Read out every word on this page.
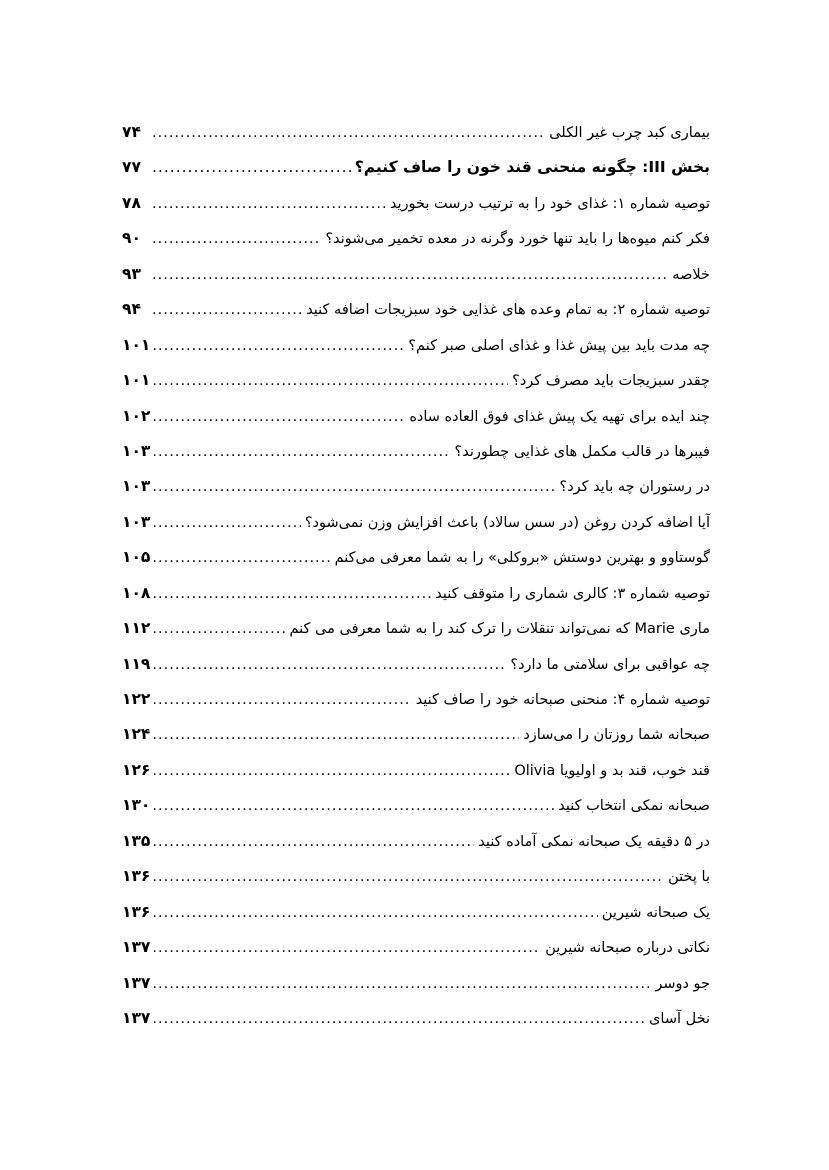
بیماری کبد چرب غیر الکلی
.....
۷۴
بخش III: چگونه منحنی قند خون را صاف کنیم؟
.....
۷۷
توصیه شماره ۱: غذای خود را به ترتیب درست بخورید
.....
۷۸
فکر کنم میوه‌ها را باید تنها خورد وگرنه در معده تخمیر می‌شوند؟
.....
۹۰
خلاصه
.....
۹۳
توصیه شماره ۲: به تمام وعده های غذایی خود سبزیجات اضافه کنید
.....
۹۴
چه مدت باید بین پیش غذا و غذای اصلی صبر کنم؟
.....
۱۰۱
چقدر سبزیجات باید مصرف کرد؟
.....
۱۰۱
چند ایده برای تهیه یک پیش غذای فوق العاده ساده
.....
۱۰۲
فیبرها در قالب مکمل های غذایی چطورند؟
.....
۱۰۳
در رستوران چه باید کرد؟
.....
۱۰۳
آیا اضافه کردن روغن (در سس سالاد) باعث افزایش وزن نمی‌شود؟
.....
۱۰۳
گوستاوو و بهترین دوستش «بروکلی» را به شما معرفی می‌کنم
.....
۱۰۵
توصیه شماره ۳: کالری شماری را متوقف کنید
.....
۱۰۸
ماری Marie که نمی‌تواند تنقلات را ترک کند را به شما معرفی می کنم
.....
۱۱۲
چه عواقبی برای سلامتی ما دارد؟
.....
۱۱۹
توصیه شماره ۴: منحنی صبحانه خود را صاف کنید
.....
۱۲۲
صبحانه شما روزتان را می‌سازد
.....
۱۲۴
قند خوب، قند بد و اولیویا Olivia
.....
۱۲۶
صبحانه نمکی انتخاب کنید
.....
۱۳۰
در ۵ دقیقه یک صبحانه نمکی آماده کنید
.....
۱۳۵
با پختن
.....
۱۳۶
یک صبحانه شیرین
.....
۱۳۶
نکاتی درباره صبحانه شیرین
.....
۱۳۷
جو دوسر
.....
۱۳۷
نخل آسای
.....
۱۳۷
